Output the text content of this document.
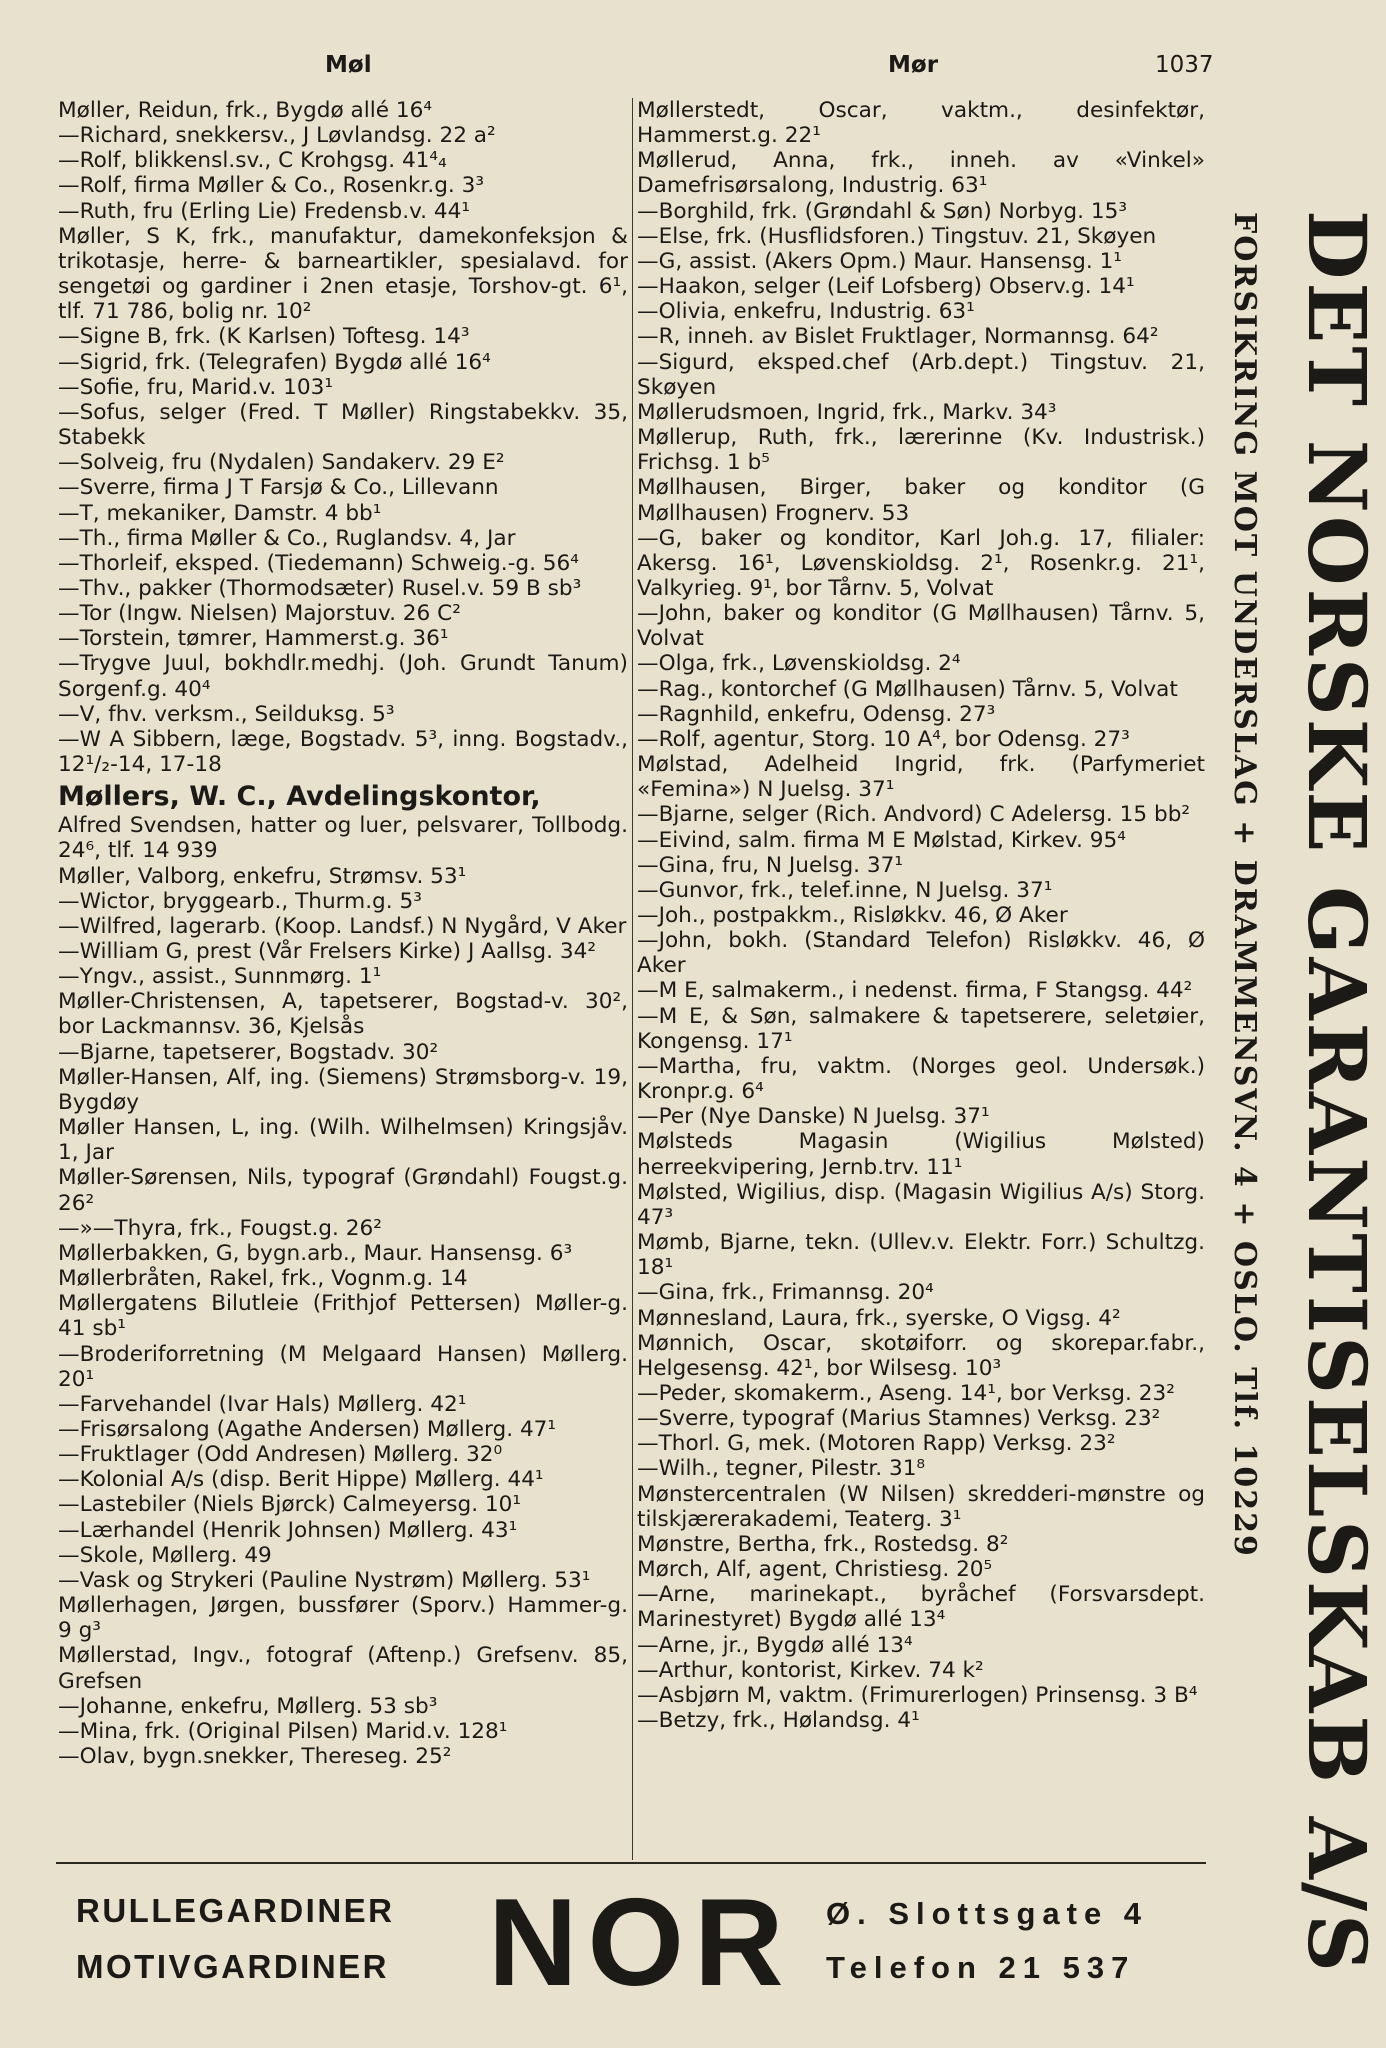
Møl	Mør	1037
Møller, Reidun, frk., Bygdø allé 16⁴
—Richard, snekkersv., J Løvlandsg. 22 a²
—Rolf, blikkensl.sv., C Krohgsg. 41⁴₄
—Rolf, firma Møller & Co., Rosenkr.g. 3³
—Ruth, fru (Erling Lie) Fredensb.v. 44¹
Møller, S K, frk., manufaktur, damekonfeksjon & trikotasje, herre- & barneartikler, spesialavd. for sengetøi og gardiner i 2nen etasje, Torshov-gt. 6¹, tlf. 71 786, bolig nr. 10²
—Signe B, frk. (K Karlsen) Toftesg. 14³
—Sigrid, frk. (Telegrafen) Bygdø allé 16⁴
—Sofie, fru, Marid.v. 103¹
—Sofus, selger (Fred. T Møller) Ringstabekkv. 35, Stabekk
—Solveig, fru (Nydalen) Sandakerv. 29 E²
—Sverre, firma J T Farsjø & Co., Lillevann
—T, mekaniker, Damstr. 4 bb¹
—Th., firma Møller & Co., Ruglandsv. 4, Jar
—Thorleif, eksped. (Tiedemann) Schweig.-g. 56⁴
—Thv., pakker (Thormodsæter) Rusel.v. 59 B sb³
—Tor (Ingw. Nielsen) Majorstuv. 26 C²
—Torstein, tømrer, Hammerst.g. 36¹
—Trygve Juul, bokhdlr.medhj. (Joh. Grundt Tanum) Sorgenf.g. 40⁴
—V, fhv. verksm., Seilduksg. 5³
—W A Sibbern, læge, Bogstadv. 5³, inng. Bogstadv., 12¹/₂-14, 17-18
Møllers, W. C., Avdelingskontor,
Alfred Svendsen, hatter og luer, pelsvarer, Tollbodg. 24⁶, tlf. 14 939
Møller, Valborg, enkefru, Strømsv. 53¹
—Wictor, bryggearb., Thurm.g. 5³
—Wilfred, lagerarb. (Koop. Landsf.) N Nygård, V Aker
—William G, prest (Vår Frelsers Kirke) J Aallsg. 34²
—Yngv., assist., Sunnmørg. 1¹
Møller-Christensen, A, tapetserer, Bogstad-v. 30², bor Lackmannsv. 36, Kjelsås
—Bjarne, tapetserer, Bogstadv. 30²
Møller-Hansen, Alf, ing. (Siemens) Strømsborg-v. 19, Bygdøy
Møller Hansen, L, ing. (Wilh. Wilhelmsen) Kringsjåv. 1, Jar
Møller-Sørensen, Nils, typograf (Grøndahl) Fougst.g. 26²
—»—Thyra, frk., Fougst.g. 26²
Møllerbakken, G, bygn.arb., Maur. Hansensg. 6³
Møllerbråten, Rakel, frk., Vognm.g. 14
Møllergatens Bilutleie (Frithjof Pettersen) Møller-g. 41 sb¹
—Broderiforretning (M Melgaard Hansen) Møllerg. 20¹
—Farvehandel (Ivar Hals) Møllerg. 42¹
—Frisørsalong (Agathe Andersen) Møllerg. 47¹
—Fruktlager (Odd Andresen) Møllerg. 32⁰
—Kolonial A/s (disp. Berit Hippe) Møllerg. 44¹
—Lastebiler (Niels Bjørck) Calmeyersg. 10¹
—Lærhandel (Henrik Johnsen) Møllerg. 43¹
—Skole, Møllerg. 49
—Vask og Strykeri (Pauline Nystrøm) Møllerg. 53¹
Møllerhagen, Jørgen, bussfører (Sporv.) Hammer-g. 9 g³
Møllerstad, Ingv., fotograf (Aftenp.) Grefsenv. 85, Grefsen
—Johanne, enkefru, Møllerg. 53 sb³
—Mina, frk. (Original Pilsen) Marid.v. 128¹
—Olav, bygn.snekker, Thereseg. 25²
Møllerstedt, Oscar, vaktm., desinfektør, Hammerst.g. 22¹
Møllerud, Anna, frk., inneh. av «Vinkel» Damefrisørsalong, Industrig. 63¹
—Borghild, frk. (Grøndahl & Søn) Norbyg. 15³
—Else, frk. (Husflidsforen.) Tingstuv. 21, Skøyen
—G, assist. (Akers Opm.) Maur. Hansensg. 1¹
—Haakon, selger (Leif Lofsberg) Observ.g. 14¹
—Olivia, enkefru, Industrig. 63¹
—R, inneh. av Bislet Fruktlager, Normannsg. 64²
—Sigurd, eksped.chef (Arb.dept.) Tingstuv. 21, Skøyen
Møllerudsmoen, Ingrid, frk., Markv. 34³
Møllerup, Ruth, frk., lærerinne (Kv. Industrisk.) Frichsg. 1 b⁵
Møllhausen, Birger, baker og konditor (G Møllhausen) Frognerv. 53
—G, baker og konditor, Karl Joh.g. 17, filialer: Akersg. 16¹, Løvenskioldsg. 2¹, Rosenkr.g. 21¹, Valkyrieg. 9¹, bor Tårnv. 5, Volvat
—John, baker og konditor (G Møllhausen) Tårnv. 5, Volvat
—Olga, frk., Løvenskioldsg. 2⁴
—Rag., kontorchef (G Møllhausen) Tårnv. 5, Volvat
—Ragnhild, enkefru, Odensg. 27³
—Rolf, agentur, Storg. 10 A⁴, bor Odensg. 27³
Mølstad, Adelheid Ingrid, frk. (Parfymeriet «Femina») N Juelsg. 37¹
—Bjarne, selger (Rich. Andvord) C Adelersg. 15 bb²
—Eivind, salm. firma M E Mølstad, Kirkev. 95⁴
—Gina, fru, N Juelsg. 37¹
—Gunvor, frk., telef.inne, N Juelsg. 37¹
—Joh., postpakkm., Risløkkv. 46, Ø Aker
—John, bokh. (Standard Telefon) Risløkkv. 46, Ø Aker
—M E, salmakerm., i nedenst. firma, F Stangsg. 44²
—M E, & Søn, salmakere & tapetserere, seletøier, Kongensg. 17¹
—Martha, fru, vaktm. (Norges geol. Undersøk.) Kronpr.g. 6⁴
—Per (Nye Danske) N Juelsg. 37¹
Mølsteds Magasin (Wigilius Mølsted) herreekvipering, Jernb.trv. 11¹
Mølsted, Wigilius, disp. (Magasin Wigilius A/s) Storg. 47³
Mømb, Bjarne, tekn. (Ullev.v. Elektr. Forr.) Schultzg. 18¹
—Gina, frk., Frimannsg. 20⁴
Mønnesland, Laura, frk., syerske, O Vigsg. 4²
Mønnich, Oscar, skotøiforr. og skorepar.fabr., Helgesensg. 42¹, bor Wilsesg. 10³
—Peder, skomakerm., Aseng. 14¹, bor Verksg. 23²
—Sverre, typograf (Marius Stamnes) Verksg. 23²
—Thorl. G, mek. (Motoren Rapp) Verksg. 23²
—Wilh., tegner, Pilestr. 31⁸
Mønstercentralen (W Nilsen) skredderi-mønstre og tilskjærerakademi, Teaterg. 3¹
Mønstre, Bertha, frk., Rostedsg. 8²
Mørch, Alf, agent, Christiesg. 20⁵
—Arne, marinekapt., byråchef (Forsvarsdept. Marinestyret) Bygdø allé 13⁴
—Arne, jr., Bygdø allé 13⁴
—Arthur, kontorist, Kirkev. 74 k²
—Asbjørn M, vaktm. (Frimurerlogen) Prinsensg. 3 B⁴
—Betzy, frk., Hølandsg. 4¹	DET NORSKE GARANTISELSKAB A/S
FORSIKRING MOT UNDERSLAG + DRAMMENSVN. 4 + OSLO. Tlf. 10229
RULLEGARDINER
MOTIVGARDINER NOR Ø. Slottsgate 4
Telefon 21 537
